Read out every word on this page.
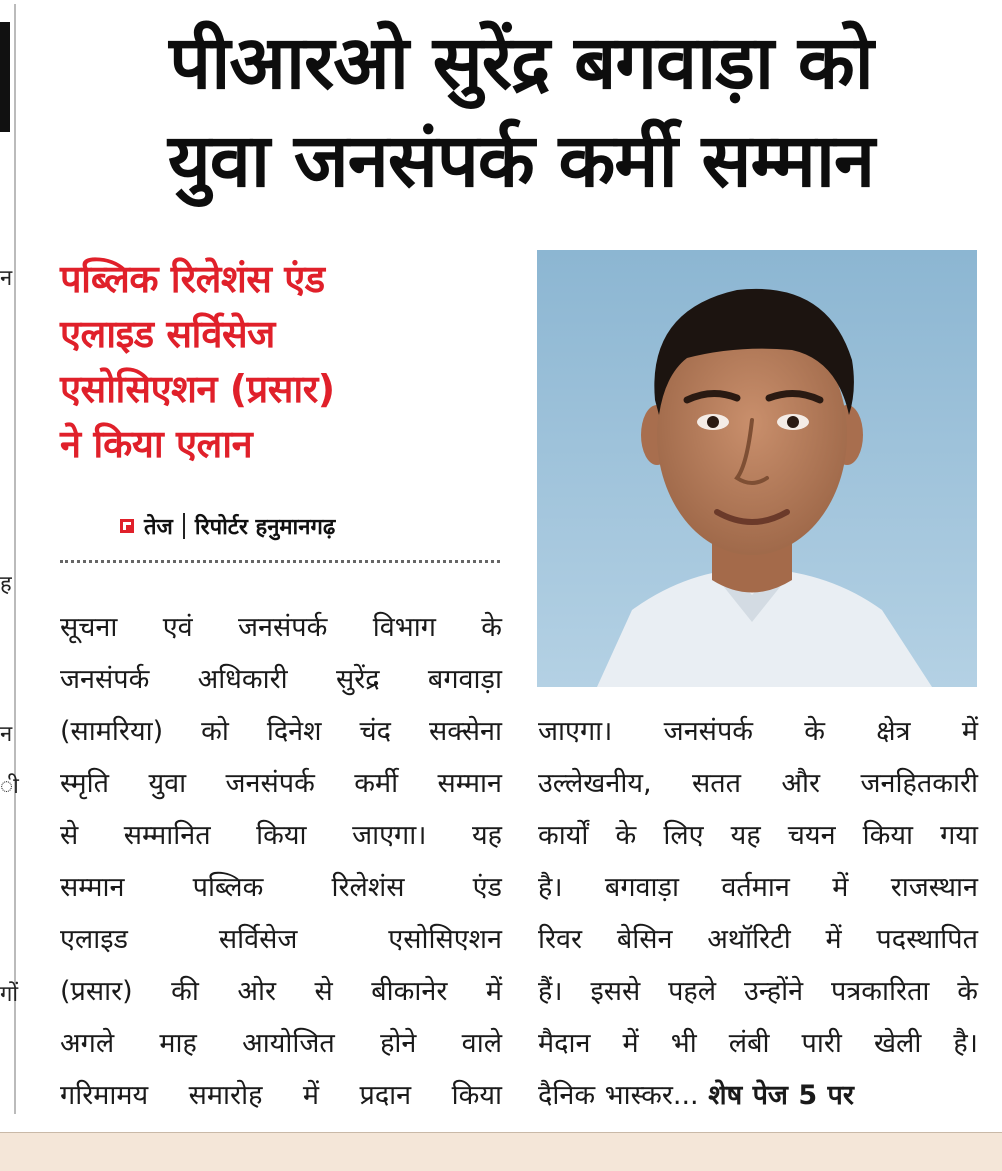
न
ी
गों
ह
न
पीआरओ सुरेंद्र बगवाड़ा को
युवा जनसंपर्क कर्मी सम्मान
पब्लिक रिलेशंस एंड
एलाइड सर्विसेज
एसोसिएशन (प्रसार)
ने किया एलान
तेज रिपोर्टर हनुमानगढ़
सूचना एवं जनसंपर्क विभाग के
जनसंपर्क अधिकारी सुरेंद्र बगवाड़ा
(सामरिया) को दिनेश चंद सक्सेना
स्मृति युवा जनसंपर्क कर्मी सम्मान
से सम्मानित किया जाएगा। यह
सम्मान पब्लिक रिलेशंस एंड
एलाइड सर्विसेज एसोसिएशन
(प्रसार) की ओर से बीकानेर में
अगले माह आयोजित होने वाले
गरिमामय समारोह में प्रदान किया
जाएगा। जनसंपर्क के क्षेत्र में
उल्लेखनीय, सतत और जनहितकारी
कार्यों के लिए यह चयन किया गया
है। बगवाड़ा वर्तमान में राजस्थान
रिवर बेसिन अथॉरिटी में पदस्थापित
हैं। इससे पहले उन्होंने पत्रकारिता के
मैदान में भी लंबी पारी खेली है।
दैनिक भास्कर... शेष पेज 5 पर
